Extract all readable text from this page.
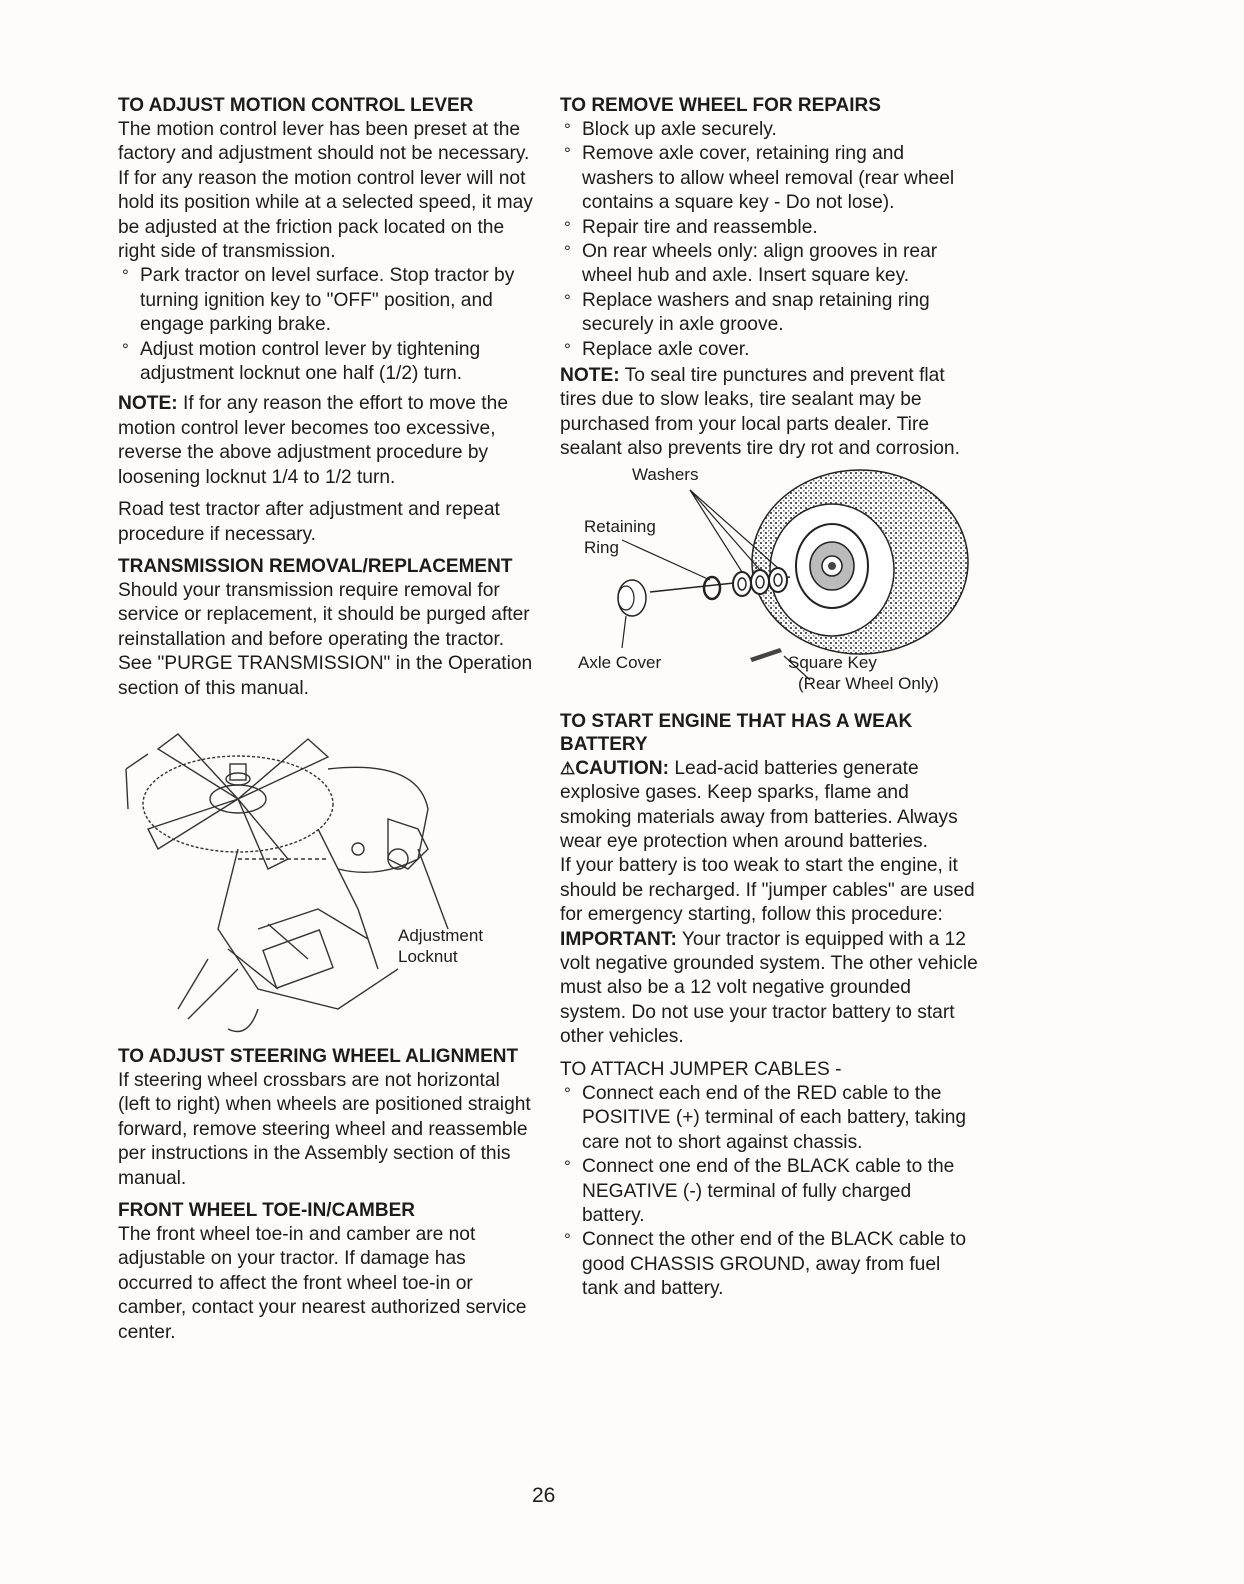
TO ADJUST MOTION CONTROL LEVER

The motion control lever has been preset at the factory and adjustment should not be necessary.

If for any reason the motion control lever will not hold its position while at a selected speed, it may be adjusted at the friction pack located on the right side of transmission.

° Park tractor on level surface. Stop tractor by turning ignition key to "OFF" position, and engage parking brake.
° Adjust motion control lever by tightening adjustment locknut one half (1/2) turn.

NOTE: If for any reason the effort to move the motion control lever becomes too excessive, reverse the above adjustment procedure by loosening locknut 1/4 to 1/2 turn.

Road test tractor after adjustment and repeat procedure if necessary.

TRANSMISSION REMOVAL/REPLACEMENT

Should your transmission require removal for service or replacement, it should be purged after reinstallation and before operating the tractor. See "PURGE TRANSMISSION" in the Operation section of this manual.

Adjustment
Locknut
TO ADJUST STEERING WHEEL ALIGNMENT

If steering wheel crossbars are not horizontal (left to right) when wheels are positioned straight forward, remove steering wheel and reassemble per instructions in the Assembly section of this manual.

FRONT WHEEL TOE-IN/CAMBER

The front wheel toe-in and camber are not adjustable on your tractor. If damage has occurred to affect the front wheel toe-in or camber, contact your nearest authorized service center.

TO REMOVE WHEEL FOR REPAIRS
° Block up axle securely.
° Remove axle cover, retaining ring and washers to allow wheel removal (rear wheel contains a square key - Do not lose).
° Repair tire and reassemble.
° On rear wheels only: align grooves in rear wheel hub and axle. Insert square key.
° Replace washers and snap retaining ring securely in axle groove.
° Replace axle cover.

NOTE: To seal tire punctures and prevent flat tires due to slow leaks, tire sealant may be purchased from your local parts dealer. Tire sealant also prevents tire dry rot and corrosion.

Washers
Retaining
Ring
Axle Cover	Square Key
(Rear Wheel Only)
TO START ENGINE THAT HAS A WEAK BATTERY

⚠CAUTION: Lead-acid batteries generate explosive gases. Keep sparks, flame and smoking materials away from batteries. Always wear eye protection when around batteries.

If your battery is too weak to start the engine, it should be recharged. If "jumper cables" are used for emergency starting, follow this procedure:

IMPORTANT: Your tractor is equipped with a 12 volt negative grounded system. The other vehicle must also be a 12 volt negative grounded system. Do not use your tractor battery to start other vehicles.

TO ATTACH JUMPER CABLES -

° Connect each end of the RED cable to the POSITIVE (+) terminal of each battery, taking care not to short against chassis.
° Connect one end of the BLACK cable to the NEGATIVE (-) terminal of fully charged battery.
° Connect the other end of the BLACK cable to good CHASSIS GROUND, away from fuel tank and battery.
26
